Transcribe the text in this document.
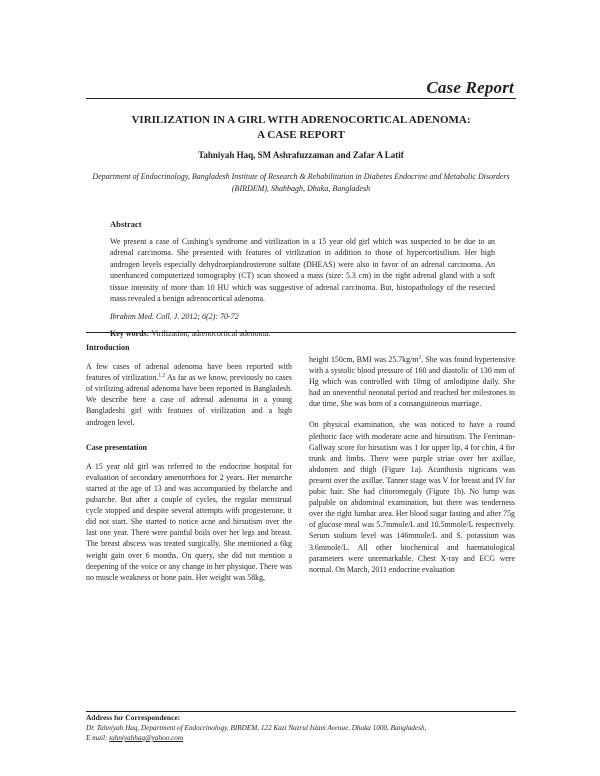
Case Report
VIRILIZATION IN A GIRL WITH ADRENOCORTICAL ADENOMA:
A CASE REPORT
Tahniyah Haq, SM Ashrafuzzaman and Zafar A Latif
Department of Endocrinology, Bangladesh Institute of Research & Rehabilitation in Diabetes Endocrine and Metabolic Disorders (BIRDEM), Shahbagh, Dhaka, Bangladesh
Abstract
We present a case of Cushing's syndrome and virilization in a 15 year old girl which was suspected to be due to an adrenal carcinoma. She presented with features of virilization in addition to those of hypercortisilism. Her high androgen levels especially dehydroepiandrosterone sulfate (DHEAS) were also in favor of an adrenal carcinoma. An unenhanced computerized tomography (CT) scan showed a mass (size: 5.3 cm) in the right adrenal gland with a soft tissue intensity of more than 10 HU which was suggestive of adrenal carcinoma. But, histopathology of the resected mass revealed a benign adrenocortical adenoma.
Ibrahim Med. Coll. J. 2012; 6(2): 70-72
Key words: Virilization, adrenocortical adenoma.
Introduction

A few cases of adrenal adenoma have been reported with features of virilization.$^{1,2}$ As far as we know, previously no cases of virilizing adrenal adenoma have been reported in Bangladesh. We describe here a case of adrenal adenoma in a young Bangladeshi girl with features of virilization and a high androgen level.

Case presentation

A 15 year old girl was referred to the endocrine hospital for evaluation of secondary amenorrhoea for 2 years. Her menarche started at the age of 13 and was accompanied by thelarche and pubarche. But after a couple of cycles, the regular menstrual cycle stopped and despite several attempts with progesterone, it did not start. She started to notice acne and hirsutism over the last one year. There were painful boils over her legs and breast. The breast abscess was treated surgically. She mentioned a 6kg weight gain over 6 months. On query, she did not mention a deepening of the voice or any change in her physique. There was no muscle weakness or bone pain. Her weight was 58kg,

height 150cm, BMI was $25.7kg/m^2$. She was found hypertensive with a systolic blood pressure of 160 and diastolic of 130 mm of Hg which was controlled with 10mg of amlodipine daily. She had an uneventful neonatal period and reached her milestones in due time. She was born of a consanguineous marriage.

On physical examination, she was noticed to have a round plethoric face with moderate acne and hirsutism. The Ferriman-Gallway score for hirsutism was 1 for upper lip, 4 for chin, 4 for trunk and limbs. There were purple striae over her axillae, abdomen and thigh (Figure 1a). Acanthosis nigricans was present over the axillae. Tanner stage was V for breast and IV for pubic hair. She had clitoromegaly (Figure 1b). No lump was palpable on abdominal examination, but there was tenderness over the right lumbar area. Her blood sugar fasting and after 75g of glucose meal was 5.7mmole/L and 10.5mmole/L respectively. Serum sodium level was 146mmole/L and S. potassium was 3.6mmole/L. All other biochemical and haematological parameters were unremarkable. Chest X-ray and ECG were normal. On March, 2011 endocrine evaluation

Address for Correspondence:
Dr. Tahniyah Haq, Department of Endocrinology, BIRDEM, 122 Kazi Nazrul Islam Avenue, Dhaka 1000, Bangladesh,
E mail: tahniyahhaq@yahoo.com
